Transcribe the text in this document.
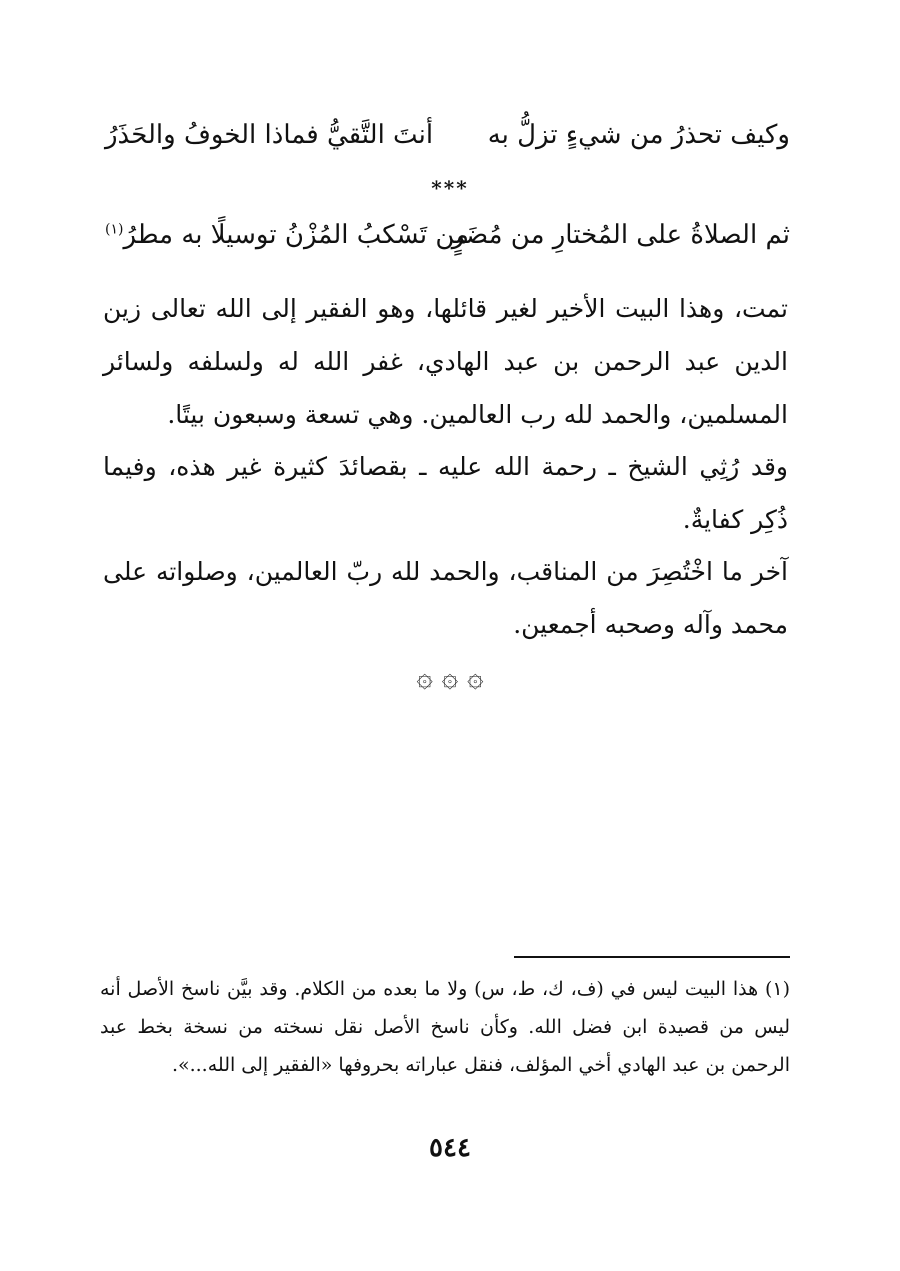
وكيف تحذرُ من شيءٍ تزلُّ به
أنتَ التَّقيُّ فماذا الخوفُ والحَذَرُ
***
ثم الصلاةُ على المُختارِ من مُضَرٍ
من تَسْكبُ المُزْنُ توسيلًا به مطرُ$^{(١)}$

تمت، وهذا البيت الأخير لغير قائلها، وهو الفقير إلى الله تعالى زين الدين عبد الرحمن بن عبد الهادي، غفر الله له ولسلفه ولسائر المسلمين، والحمد لله رب العالمين. وهي تسعة وسبعون بيتًا.

وقد رُثِي الشيخ ـ رحمة الله عليه ـ بقصائدَ كثيرة غير هذه، وفيما ذُكِر كفايةٌ.

آخر ما اخْتُصِرَ من المناقب، والحمد لله ربّ العالمين، وصلواته على محمد وآله وصحبه أجمعين.

۞ ۞ ۞

(١) هذا البيت ليس في (ف، ك، ط، س) ولا ما بعده من الكلام. وقد بيَّن ناسخ الأصل أنه ليس من قصيدة ابن فضل الله. وكأن ناسخ الأصل نقل نسخته من نسخة بخط عبد الرحمن بن عبد الهادي أخي المؤلف، فنقل عباراته بحروفها «الفقير إلى الله...».

٥٤٤
